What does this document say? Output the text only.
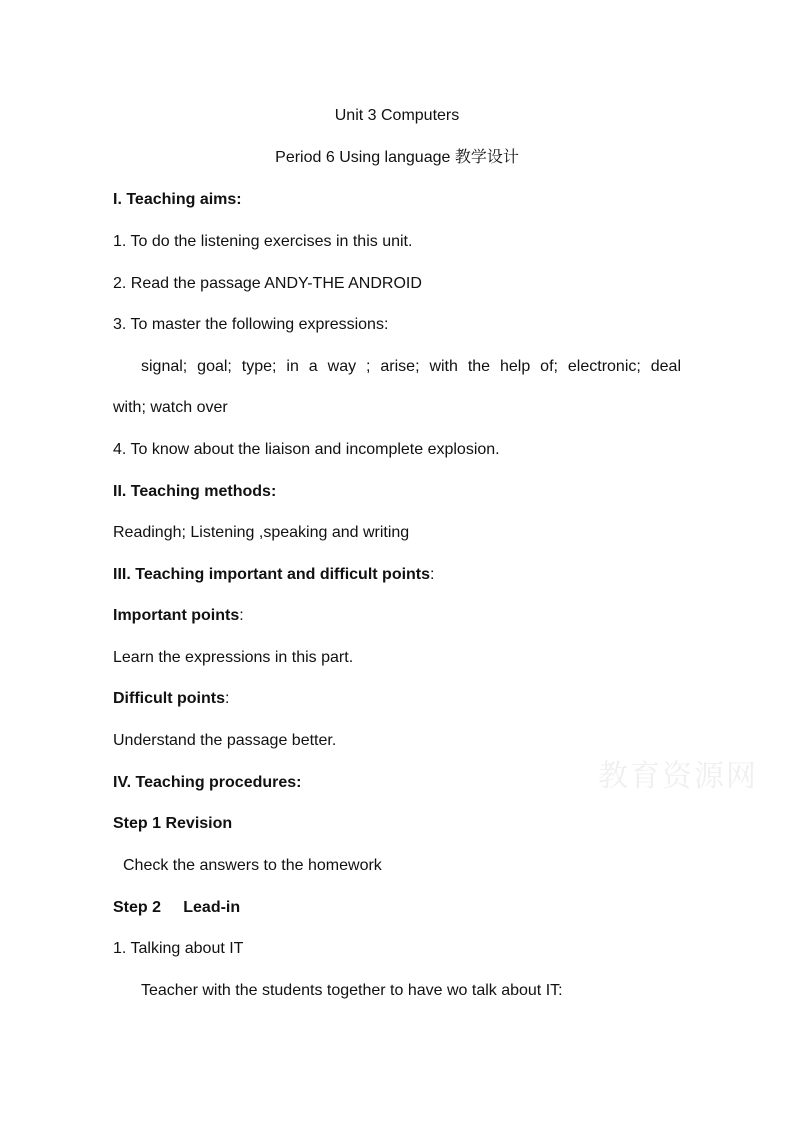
Unit 3 Computers
Period 6 Using language 教学设计
I. Teaching aims:
1. To do the listening exercises in this unit.
2. Read the passage ANDY-THE ANDROID
3. To master the following expressions:
signal; goal; type; in a way ; arise; with the help of; electronic; deal
with; watch over
4. To know about the liaison and incomplete explosion.
II. Teaching methods:
Readingh; Listening ,speaking and writing
III. Teaching important and difficult points:
Important points:
Learn the expressions in this part.
Difficult points:
Understand the passage better.
IV. Teaching procedures:
Step 1 Revision
Check the answers to the homework
Step 2     Lead-in
1. Talking about IT
Teacher with the students together to have wo talk about IT:
教育资源网
